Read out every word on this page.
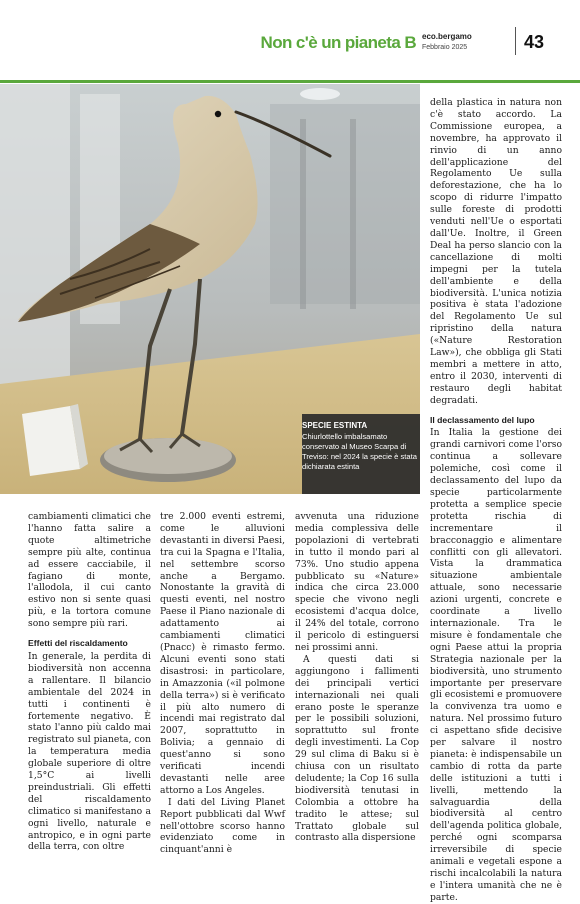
Non c'è un pianeta B eco.bergamo
Febbraio 2025	43
SPECIE ESTINTA
Chiurlottello imbalsamato conservato al Museo Scarpa di Treviso: nel 2024 la specie è stata dichiarata estinta

della plastica in natura non c'è stato accordo. La Commissione europea, a novembre, ha approvato il rinvio di un anno dell'applicazione del Regolamento Ue sulla deforestazione, che ha lo scopo di ridurre l'impatto sulle foreste di prodotti venduti nell'Ue o esportati dall'Ue. Inoltre, il Green Deal ha perso slancio con la cancellazione di molti impegni per la tutela dell'ambiente e della biodiversità. L'unica notizia positiva è stata l'adozione del Regolamento Ue sul ripristino della natura («Nature Restoration Law»), che obbliga gli Stati membri a mettere in atto, entro il 2030, interventi di restauro degli habitat degradati.

Il declassamento del lupo

In Italia la gestione dei grandi carnivori come l'orso continua a sollevare polemiche, così come il declassamento del lupo da specie particolarmente protetta a semplice specie protetta rischia di incrementare il bracconaggio e alimentare conflitti con gli allevatori. Vista la drammatica situazione ambientale attuale, sono necessarie azioni urgenti, concrete e coordinate a livello internazionale. Tra le misure è fondamentale che ogni Paese attui la propria Strategia nazionale per la biodiversità, uno strumento importante per preservare gli ecosistemi e promuovere la convivenza tra uomo e natura. Nel prossimo futuro ci aspettano sfide decisive per salvare il nostro pianeta: è indispensabile un cambio di rotta da parte delle istituzioni a tutti i livelli, mettendo la salvaguardia della biodiversità al centro dell'agenda politica globale, perché ogni scomparsa irreversibile di specie animali e vegetali espone a rischi incalcolabili la natura e l'intera umanità che ne è parte.

cambiamenti climatici che l'hanno fatta salire a quote altimetriche sempre più alte, continua ad essere cacciabile, il fagiano di monte, l'allodola, il cui canto estivo non si sente quasi più, e la tortora comune sono sempre più rari.

Effetti del riscaldamento

In generale, la perdita di biodiversità non accenna a rallentare. Il bilancio ambientale del 2024 in tutti i continenti è fortemente negativo. È stato l'anno più caldo mai registrato sul pianeta, con la temperatura media globale superiore di oltre 1,5°C ai livelli preindustriali. Gli effetti del riscaldamento climatico si manifestano a ogni livello, naturale e antropico, e in ogni parte della terra, con oltre

tre 2.000 eventi estremi, come le alluvioni devastanti in diversi Paesi, tra cui la Spagna e l'Italia, nel settembre scorso anche a Bergamo. Nonostante la gravità di questi eventi, nel nostro Paese il Piano nazionale di adattamento ai cambiamenti climatici (Pnacc) è rimasto fermo. Alcuni eventi sono stati disastrosi: in particolare, in Amazzonia («il polmone della terra») si è verificato il più alto numero di incendi mai registrato dal 2007, soprattutto in Bolivia; a gennaio di quest'anno si sono verificati incendi devastanti nelle aree attorno a Los Angeles.

I dati del Living Planet Report pubblicati dal Wwf nell'ottobre scorso hanno evidenziato come in cinquant'anni è

avvenuta una riduzione media complessiva delle popolazioni di vertebrati in tutto il mondo pari al 73%. Uno studio appena pubblicato su «Nature» indica che circa 23.000 specie che vivono negli ecosistemi d'acqua dolce, il 24% del totale, corrono il pericolo di estinguersi nei prossimi anni.

A questi dati si aggiungono i fallimenti dei principali vertici internazionali nei quali erano poste le speranze per le possibili soluzioni, soprattutto sul fronte degli investimenti. La Cop 29 sul clima di Baku si è chiusa con un risultato deludente; la Cop 16 sulla biodiversità tenutasi in Colombia a ottobre ha tradito le attese; sul Trattato globale sul contrasto alla dispersione
